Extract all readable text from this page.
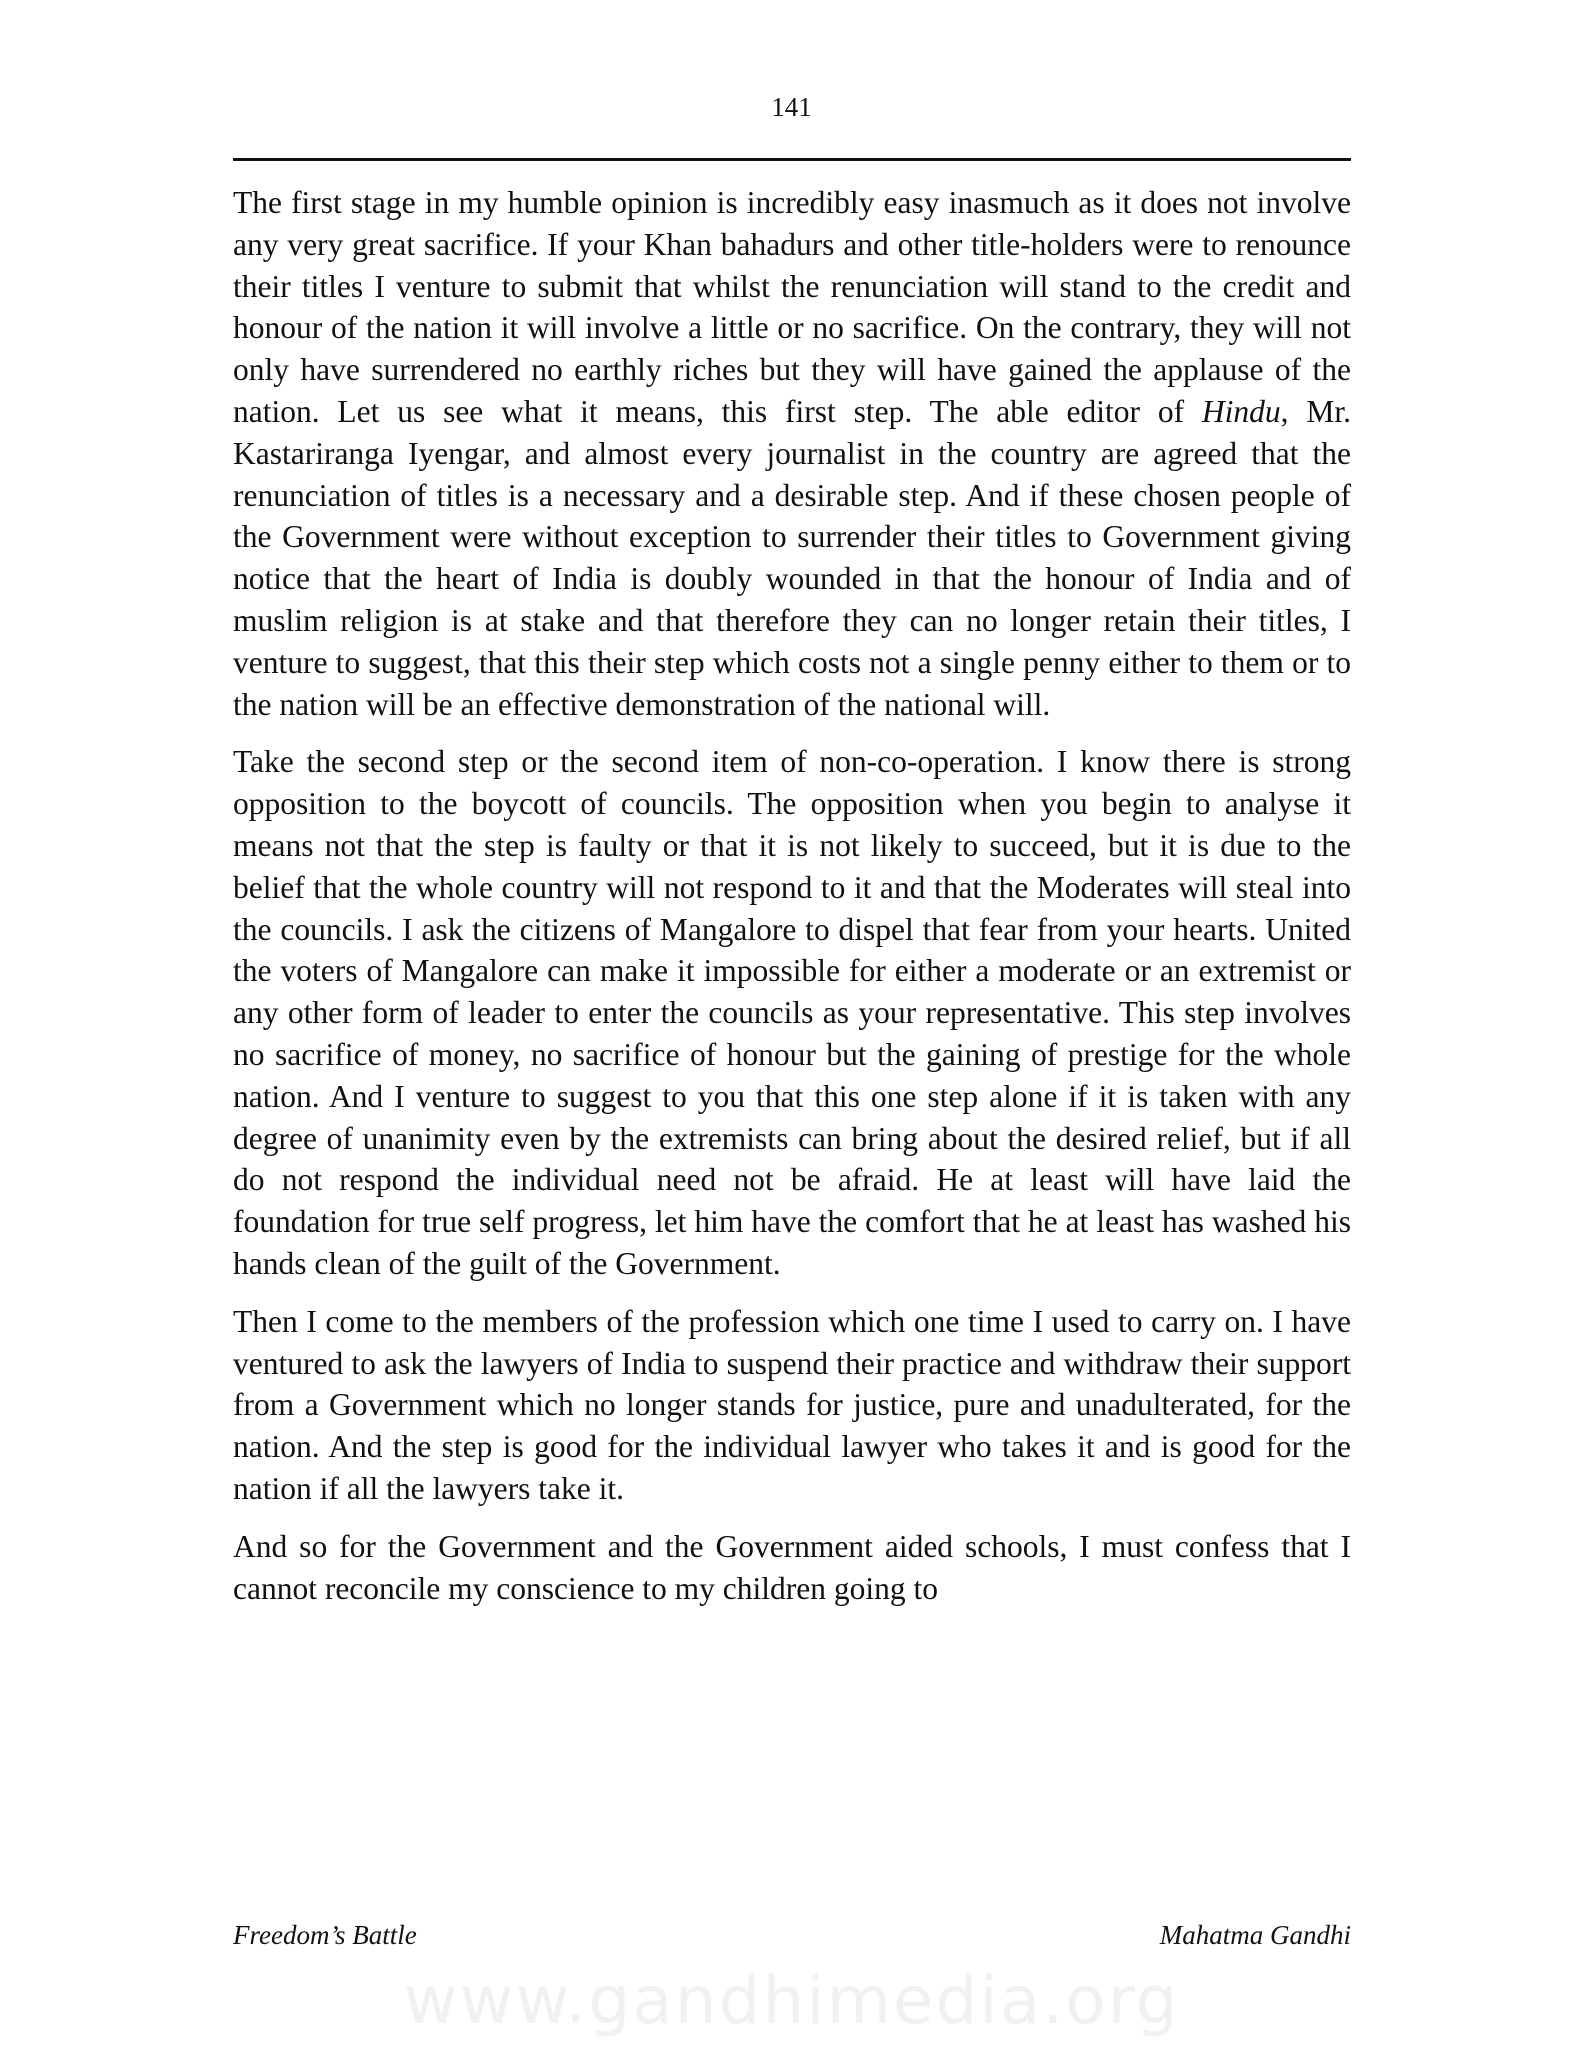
141

The first stage in my humble opinion is incredibly easy inasmuch as it does not involve any very great sacrifice. If your Khan bahadurs and other title-holders were to renounce their titles I venture to submit that whilst the renunciation will stand to the credit and honour of the nation it will involve a little or no sacrifice. On the contrary, they will not only have surrendered no earthly riches but they will have gained the applause of the nation. Let us see what it means, this first step. The able editor of Hindu, Mr. Kastariranga Iyengar, and almost every journalist in the country are agreed that the renunciation of titles is a necessary and a desirable step. And if these chosen people of the Government were without exception to surrender their titles to Government giving notice that the heart of India is doubly wounded in that the honour of India and of muslim religion is at stake and that therefore they can no longer retain their titles, I venture to suggest, that this their step which costs not a single penny either to them or to the nation will be an effective demonstration of the national will.

Take the second step or the second item of non-co-operation. I know there is strong opposition to the boycott of councils. The opposition when you begin to analyse it means not that the step is faulty or that it is not likely to succeed, but it is due to the belief that the whole country will not respond to it and that the Moderates will steal into the councils. I ask the citizens of Mangalore to dispel that fear from your hearts. United the voters of Mangalore can make it impossible for either a moderate or an extremist or any other form of leader to enter the councils as your representative. This step involves no sacrifice of money, no sacrifice of honour but the gaining of prestige for the whole nation. And I venture to suggest to you that this one step alone if it is taken with any degree of unanimity even by the extremists can bring about the desired relief, but if all do not respond the individual need not be afraid. He at least will have laid the foundation for true self progress, let him have the comfort that he at least has washed his hands clean of the guilt of the Government.

Then I come to the members of the profession which one time I used to carry on. I have ventured to ask the lawyers of India to suspend their practice and withdraw their support from a Government which no longer stands for justice, pure and unadulterated, for the nation. And the step is good for the individual lawyer who takes it and is good for the nation if all the lawyers take it.

And so for the Government and the Government aided schools, I must confess that I cannot reconcile my conscience to my children going to

Freedom’s Battle	Mahatma Gandhi
www.gandhimedia.org
